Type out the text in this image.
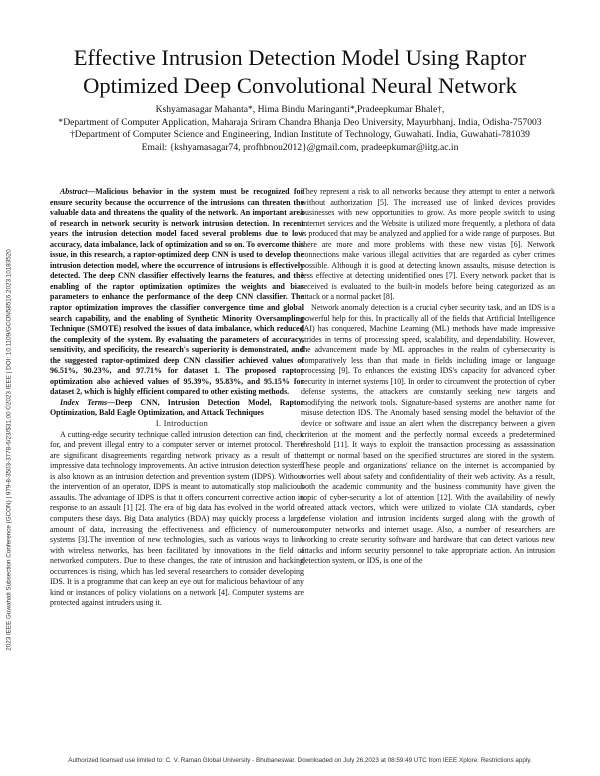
2023 IEEE Guwahati Subsection Conference (GCON) | 979-8-3503-3778-6/23/$31.00 ©2023 IEEE | DOI: 10.1109/GCON58516.2023.10183520
Effective Intrusion Detection Model Using Raptor
Optimized Deep Convolutional Neural Network
Kshyamasagar Mahanta*, Hima Bindu Maringanti*,Pradeepkumar Bhale†,
*Department of Computer Application, Maharaja Sriram Chandra Bhanja Deo University, Mayurbhanj. India, Odisha-757003
†Department of Computer Science and Engineering, Indian Institute of Technology, Guwahati. India, Guwahati-781039
Email: {kshyamasagar74, profhbnou2012}@gmail.com, pradeepkumar@iitg.ac.in

Abstract—Malicious behavior in the system must be recognized for ensure security because the occurrence of the intrusions can threaten the valuable data and threatens the quality of the network. An important area of research in network security is network intrusion detection. In recent years the intrusion detection model faced several problems due to low accuracy, data imbalance, lack of optimization and so on. To overcome this issue, in this research, a raptor-optimized deep CNN is used to develop the intrusion detection model, where the occurrence of intrusions is effectively detected. The deep CNN classifier effectively learns the features, and the enabling of the raptor optimization optimizes the weights and bias parameters to enhance the performance of the deep CNN classifier. The raptor optimization improves the classifier convergence time and global search capability, and the enabling of Synthetic Minority Oversampling Technique (SMOTE) resolved the issues of data imbalance, which reduced the complexity of the system. By evaluating the parameters of accuracy, sensitivity, and specificity, the research's superiority is demonstrated, and the suggested raptor-optimized deep CNN classifier achieved values of 96.51%, 90.23%, and 97.71% for dataset 1. The proposed raptor optimization also achieved values of 95.39%, 95.83%, and 95.15% for dataset 2, which is highly efficient compared to other existing methods.

Index Terms—Deep CNN, Intrusion Detection Model, Raptor Optimization, Bald Eagle Optimization, and Attack Techniques

I. Introduction

A cutting-edge security technique called intrusion detection can find, check for, and prevent illegal entry to a computer server or internet protocol. There are significant disagreements regarding network privacy as a result of the impressive data technology improvements. An active intrusion detection system is also known as an intrusion detection and prevention system (IDPS). Without the intervention of an operator, IDPS is meant to automatically stop malicious assaults. The advantage of IDPS is that it offers concurrent corrective action in response to an assault [1] [2]. The era of big data has evolved in the world of computers these days. Big Data analytics (BDA) may quickly process a large amount of data, increasing the effectiveness and efficiency of numerous systems [3].The invention of new technologies, such as various ways to link with wireless networks, has been facilitated by innovations in the field of networked computers. Due to these changes, the rate of intrusion and hacking occurrences is rising, which has led several researchers to consider developing IDS. It is a programme that can keep an eye out for malicious behaviour of any kind or instances of policy violations on a network [4]. Computer systems are protected against intruders using it.

They represent a risk to all networks because they attempt to enter a network without authorization [5]. The increased use of linked devices provides businesses with new opportunities to grow. As more people switch to using internet services and the Website is utilized more frequently, a plethora of data is produced that may be analyzed and applied for a wide range of purposes. But there are more and more problems with these new vistas [6]. Network connections make various illegal activities that are regarded as cyber crimes possible. Although it is good at detecting known assaults, misuse detection is less effective at detecting unidentified ones [7]. Every network packet that is received is evaluated to the built-in models before being categorized as an attack or a normal packet [8].

Network anomaly detection is a crucial cyber security task, and an IDS is a powerful help for this. In practically all of the fields that Artificial Intelligence (AI) has conquered, Machine Learning (ML) methods have made impressive strides in terms of processing speed, scalability, and dependability. However, the advancement made by ML approaches in the realm of cybersecurity is comparatively less than that made in fields including image or language processing [9]. To enhances the existing IDS's capacity for advanced cyber security in internet systems [10]. In order to circumvent the protection of cyber defense systems, the attackers are constantly seeking new targets and modifying the network tools. Signature-based systems are another name for misuse detection IDS. The Anomaly based sensing model the behavior of the device or software and issue an alert when the discrepancy between a given criterion at the moment and the perfectly normal exceeds a predetermined threshold [11]. It ways to exploit the transaction processing as assassination attempt or normal based on the specified structures are stored in the system. These people and organizations' reliance on the internet is accompanied by worries well about safety and confidentiality of their web activity. As a result, both the academic community and the business community have given the topic of cyber-security a lot of attention [12]. With the availability of newly created attack vectors, which were utilized to violate CIA standards, cyber defense violation and intrusion incidents surged along with the growth of computer networks and internet usage. Also, a number of researchers are working to create security software and hardware that can detect various new attacks and inform security personnel to take appropriate action. An intrusion detection system, or IDS, is one of the

Authorized licensed use limited to: C. V. Raman Global University - Bhubaneswar. Downloaded on July 26,2023 at 08:59:49 UTC from IEEE Xplore. Restrictions apply.
